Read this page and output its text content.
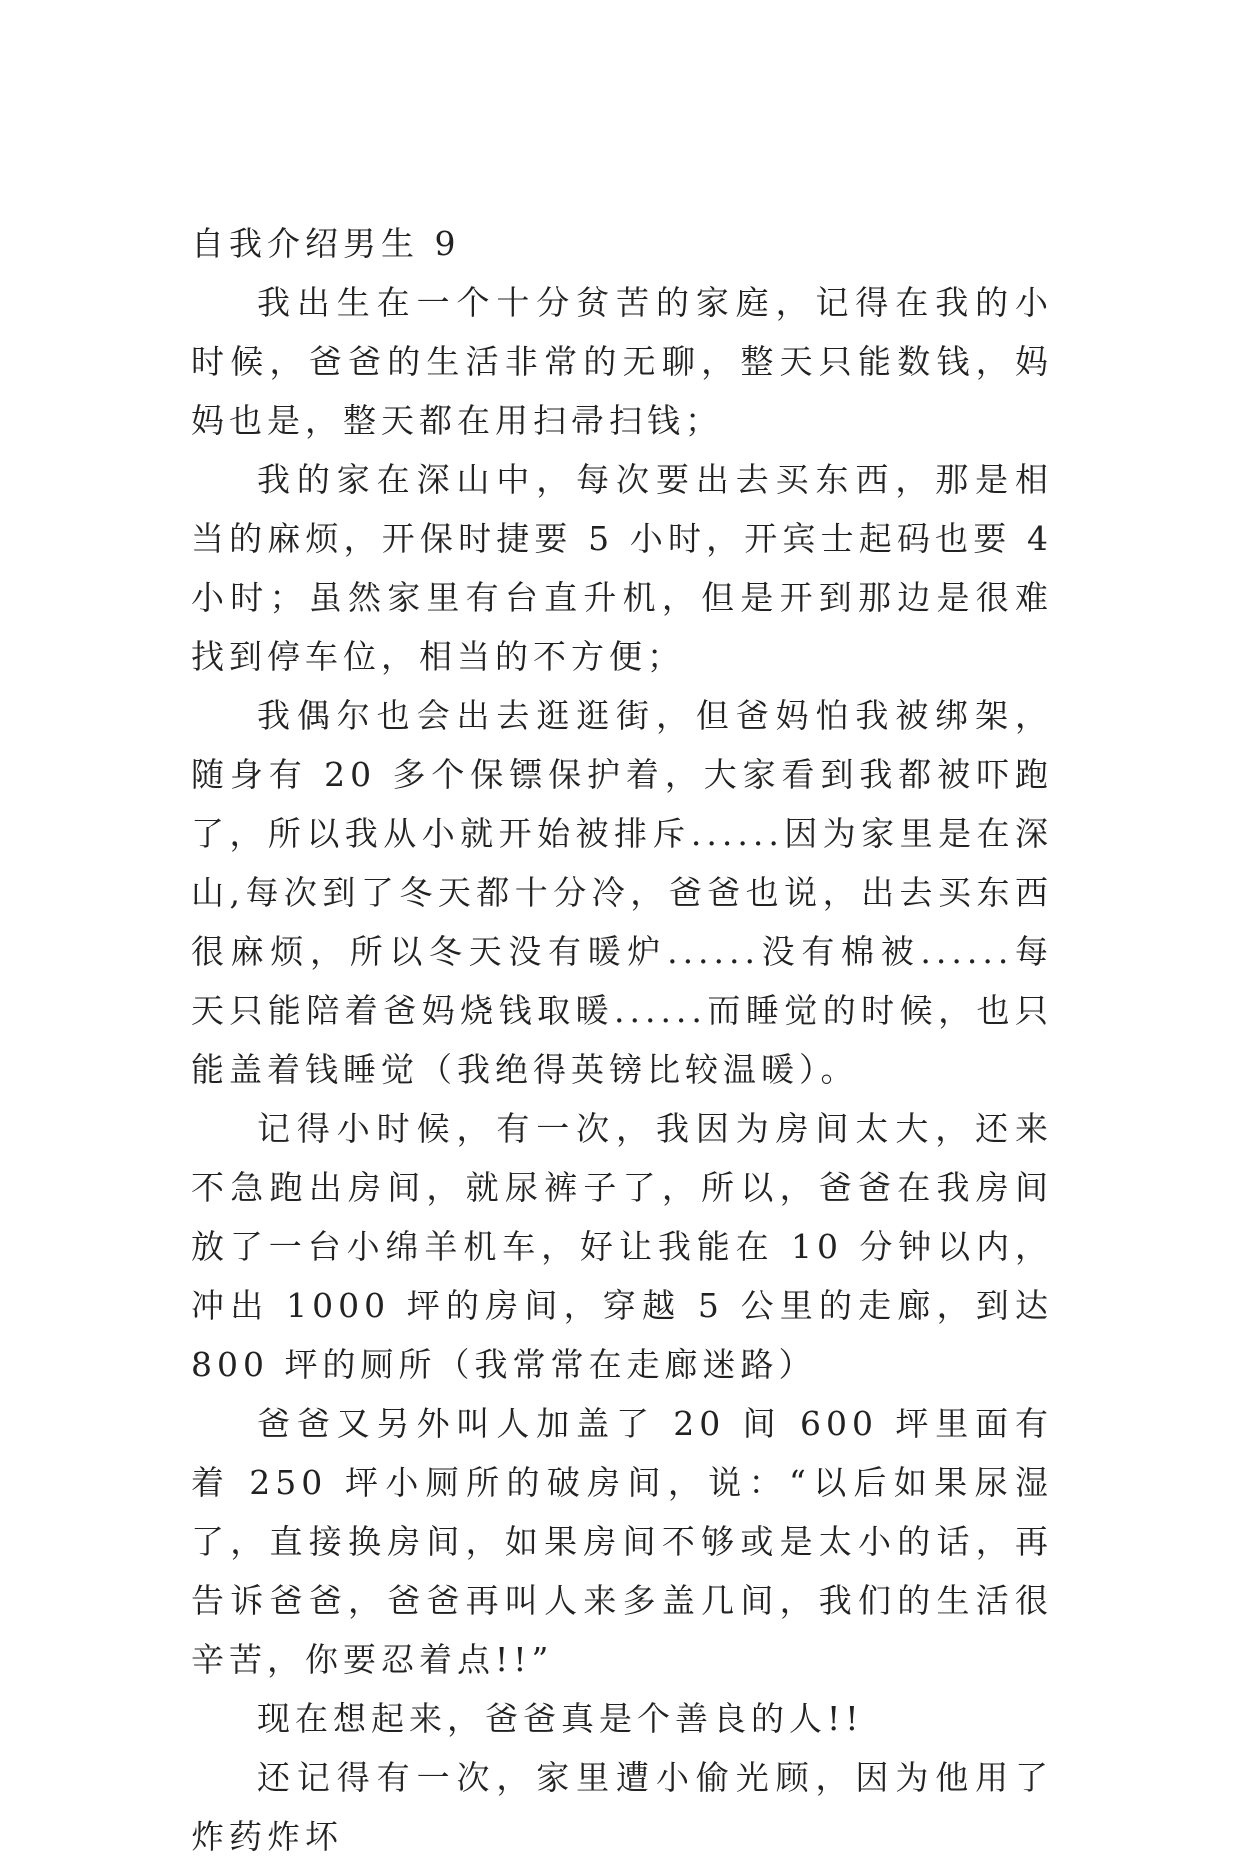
自我介绍男生 9

我出生在一个十分贫苦的家庭，记得在我的小时候，爸爸的生活非常的无聊，整天只能数钱，妈妈也是，整天都在用扫帚扫钱；

我的家在深山中，每次要出去买东西，那是相当的麻烦，开保时捷要 5 小时，开宾士起码也要 4 小时；虽然家里有台直升机，但是开到那边是很难找到停车位，相当的不方便；

我偶尔也会出去逛逛街，但爸妈怕我被绑架，随身有 20 多个保镖保护着，大家看到我都被吓跑了，所以我从小就开始被排斥......因为家里是在深山,每次到了冬天都十分冷，爸爸也说，出去买东西很麻烦，所以冬天没有暖炉......没有棉被......每天只能陪着爸妈烧钱取暖......而睡觉的时候，也只能盖着钱睡觉（我绝得英镑比较温暖）。

记得小时候，有一次，我因为房间太大，还来不急跑出房间，就尿裤子了，所以，爸爸在我房间放了一台小绵羊机车，好让我能在 10 分钟以内，冲出 1000 坪的房间，穿越 5 公里的走廊，到达 800 坪的厕所（我常常在走廊迷路）

爸爸又另外叫人加盖了 20 间 600 坪里面有着 250 坪小厕所的破房间，说：“以后如果尿湿了，直接换房间，如果房间不够或是太小的话，再告诉爸爸，爸爸再叫人来多盖几间，我们的生活很辛苦，你要忍着点!!”

现在想起来，爸爸真是个善良的人!!

还记得有一次，家里遭小偷光顾，因为他用了炸药炸坏
